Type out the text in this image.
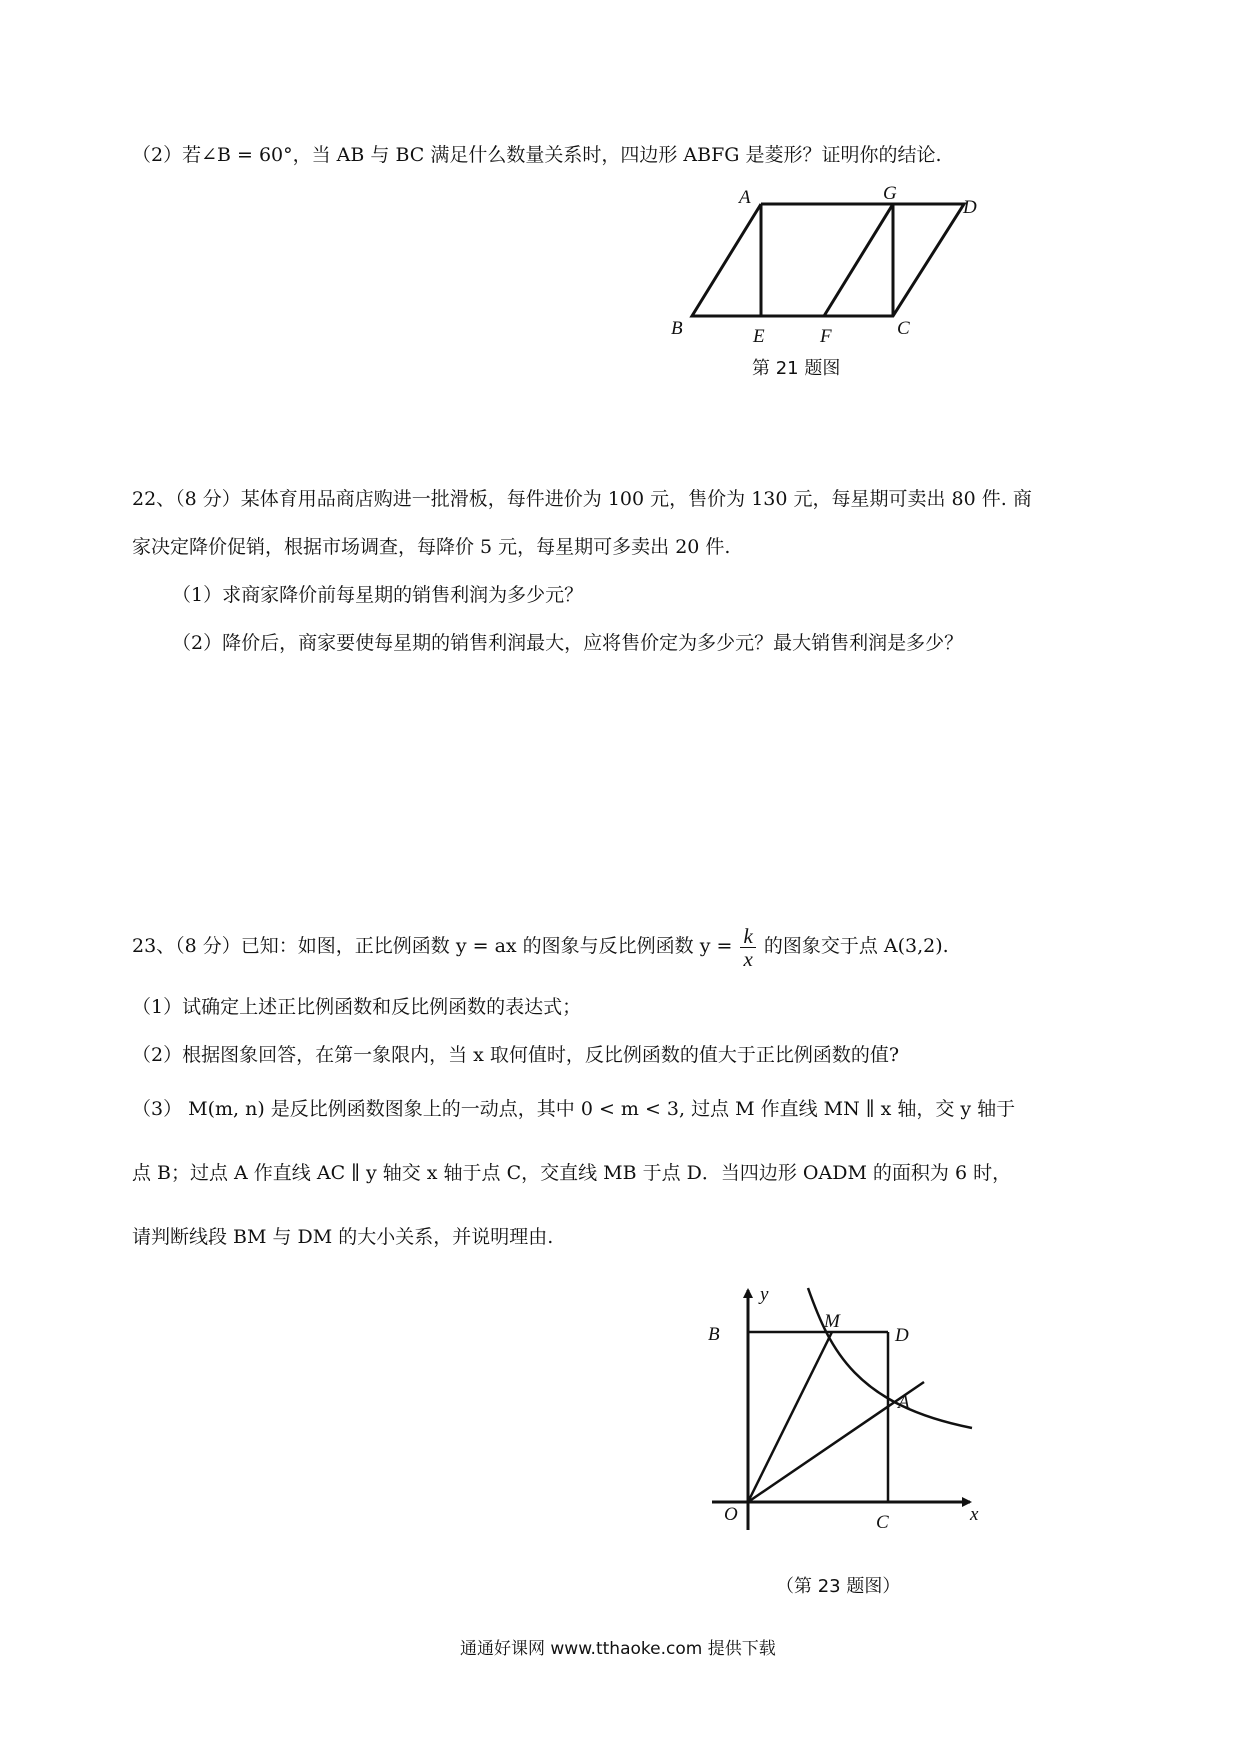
（2）若∠B = 60°，当 AB 与 BC 满足什么数量关系时，四边形 ABFG 是菱形？证明你的结论.
A	G
D
B	E	F	C
第 21 题图
22、（8 分）某体育用品商店购进一批滑板，每件进价为 100 元，售价为 130 元，每星期可卖出 80 件. 商
家决定降价促销，根据市场调查，每降价 5 元，每星期可多卖出 20 件.
（1）求商家降价前每星期的销售利润为多少元？
（2）降价后，商家要使每星期的销售利润最大，应将售价定为多少元？最大销售利润是多少？
23、（8 分）已知：如图，正比例函数 y = ax 的图象与反比例函数 $y = \frac{k}{x}$ 的图象交于点 A(3,2).
（1）试确定上述正比例函数和反比例函数的表达式；
（2）根据图象回答，在第一象限内，当 x 取何值时，反比例函数的值大于正比例函数的值?
（3） M(m, n) 是反比例函数图象上的一动点，其中 0 < m < 3, 过点 M 作直线 MN ∥ x 轴，交 y 轴于
点 B；过点 A 作直线 AC ∥ y 轴交 x 轴于点 C，交直线 MB 于点 D．当四边形 OADM 的面积为 6 时，
请判断线段 BM 与 DM 的大小关系，并说明理由.
y
x
B
M
D
A
O	C
（第 23 题图）
通通好课网 www.tthaoke.com 提供下载
